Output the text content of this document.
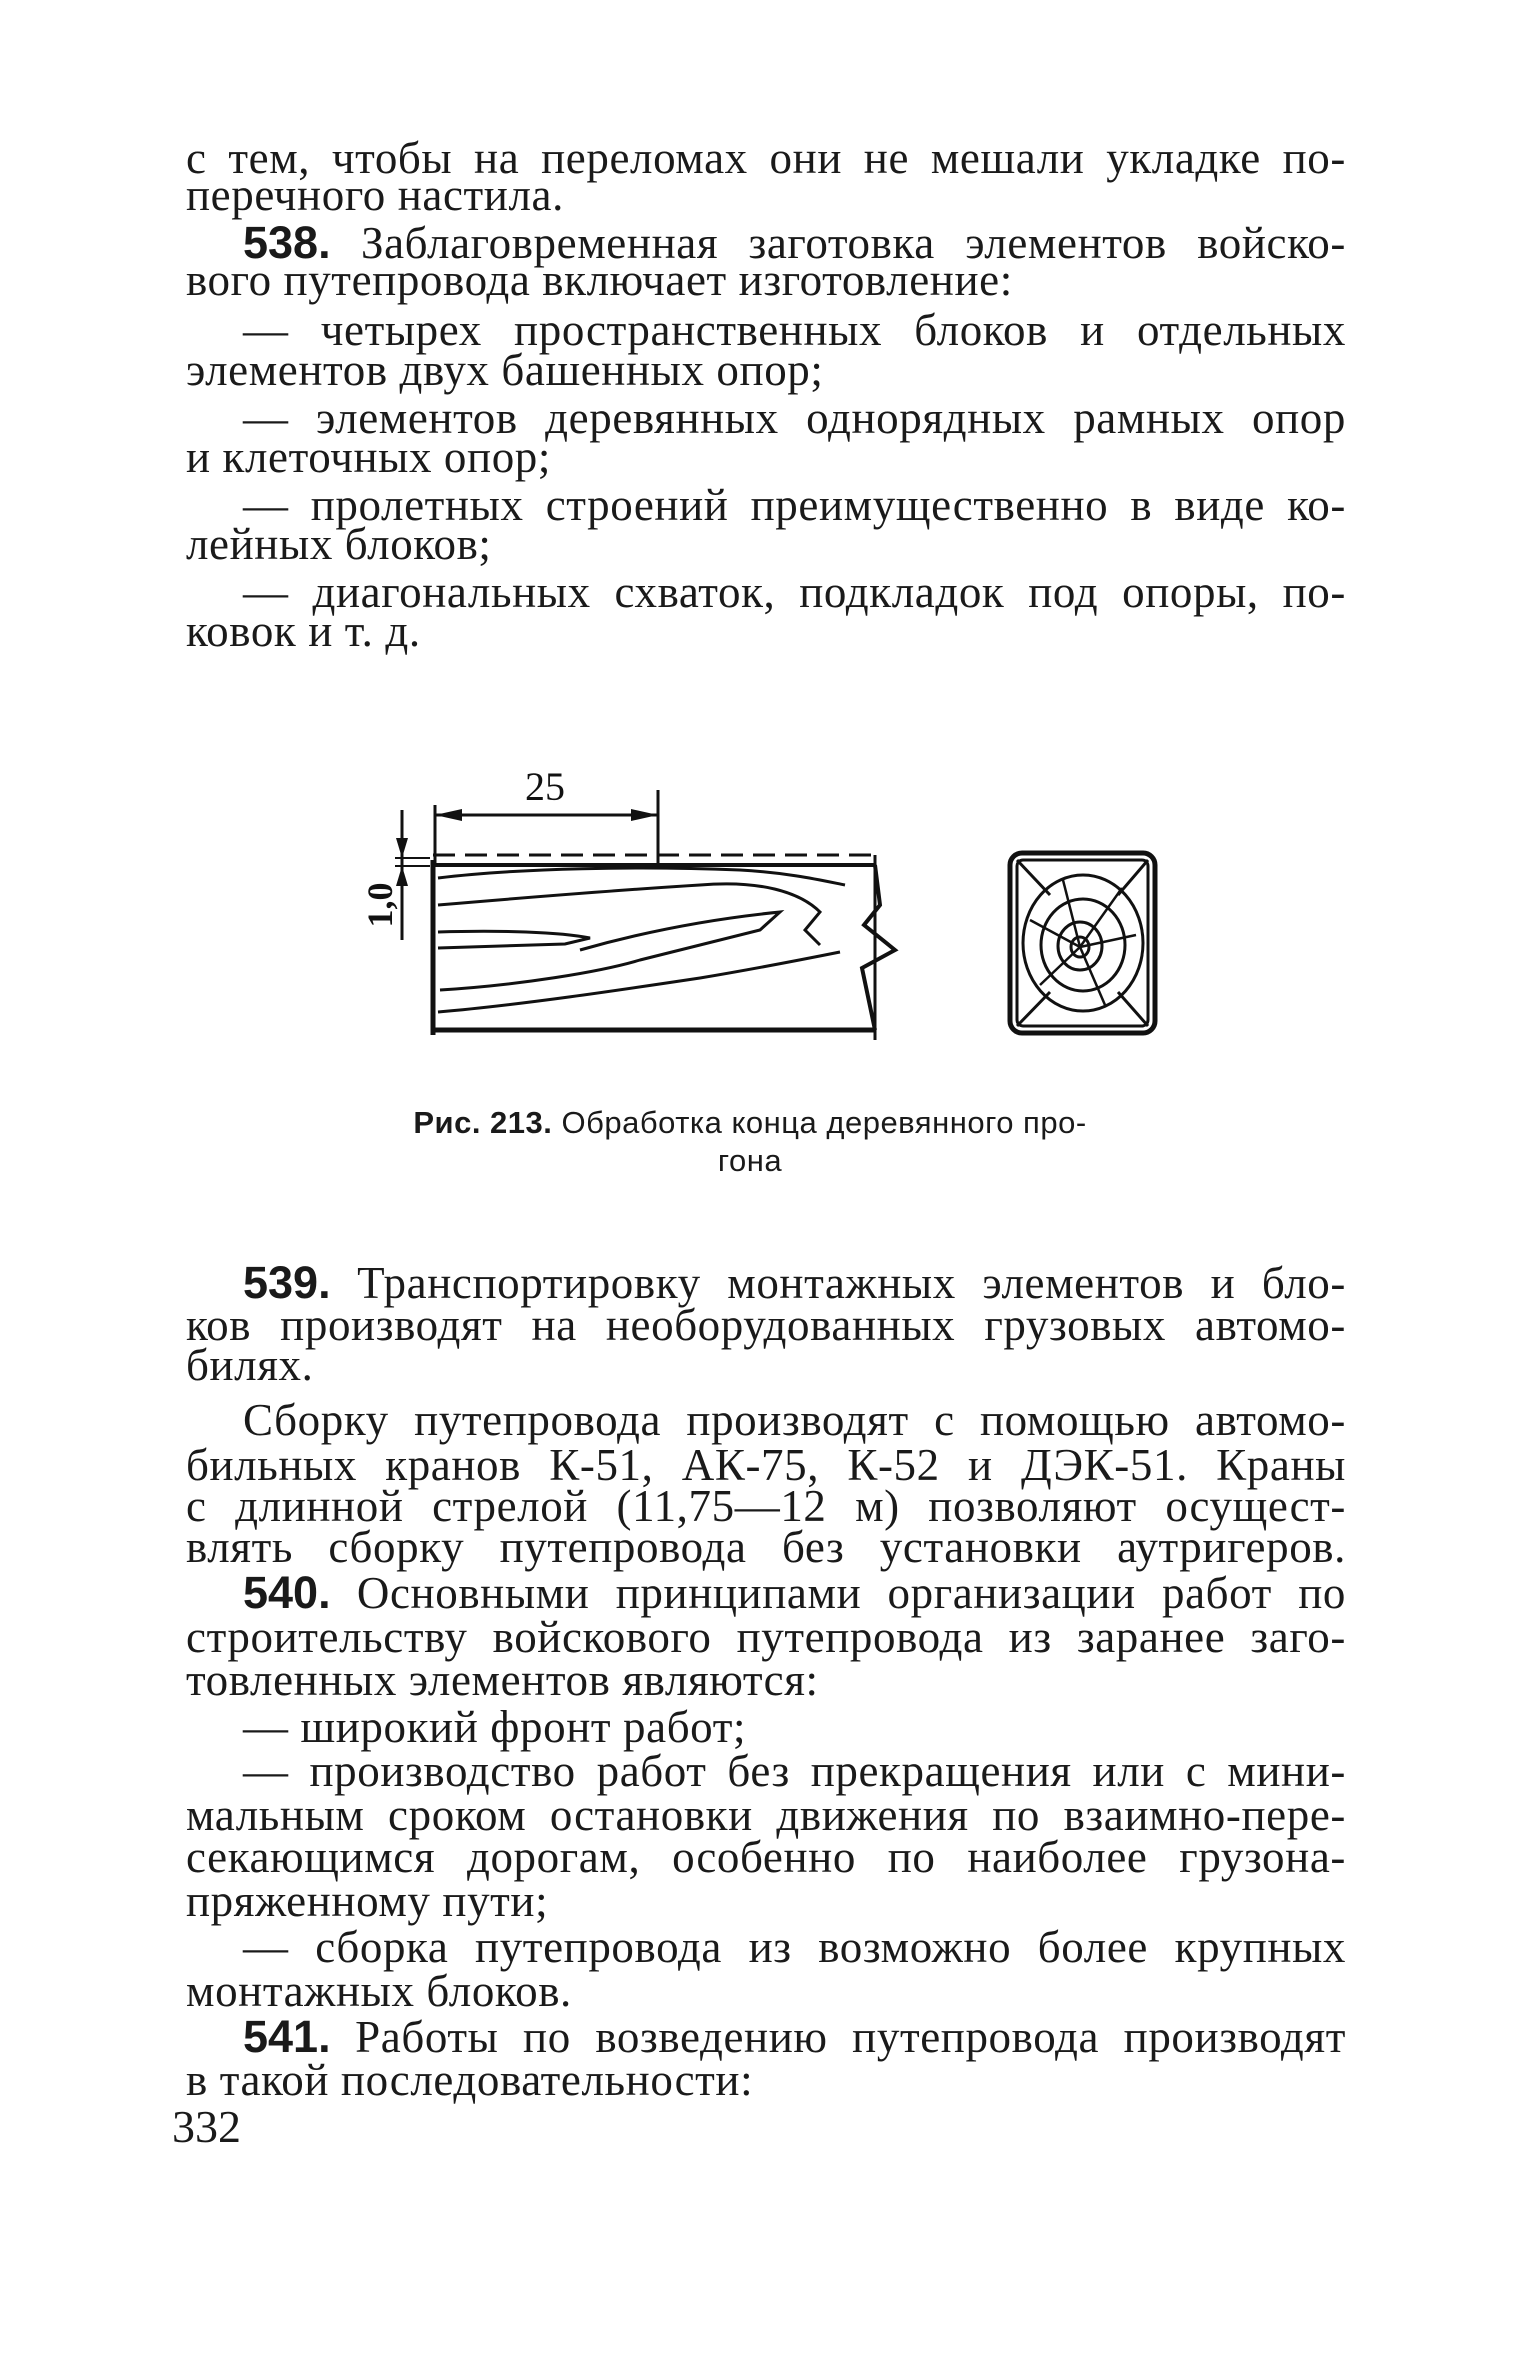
с тем, чтобы на переломах они не мешали укладке по-
перечного настила.
538. Заблаговременная заготовка элементов войско-
вого путепровода включает изготовление:
— четырех пространственных блоков и отдельных
элементов двух башенных опор;
— элементов деревянных однорядных рамных опор
и клеточных опор;
— пролетных строений преимущественно в виде ко-
лейных блоков;
— диагональных схваток, подкладок под опоры, по-
ковок и т. д.
25
1,0
Рис. 213. Обработка конца деревянного про-
гона
539. Транспортировку монтажных элементов и бло-
ков производят на необорудованных грузовых автомо-
билях.
Сборку путепровода производят с помощью автомо-
бильных кранов К-51, АК-75, К-52 и ДЭК-51. Краны
с длинной стрелой (11,75—12 м) позволяют осущест-
влять сборку путепровода без установки аутригеров.
540. Основными принципами организации работ по
строительству войскового путепровода из заранее заго-
товленных элементов являются:
— широкий фронт работ;
— производство работ без прекращения или с мини-
мальным сроком остановки движения по взаимно-пере-
секающимся дорогам, особенно по наиболее грузона-
пряженному пути;
— сборка путепровода из возможно более крупных
монтажных блоков.
541. Работы по возведению путепровода производят
в такой последовательности:
332
